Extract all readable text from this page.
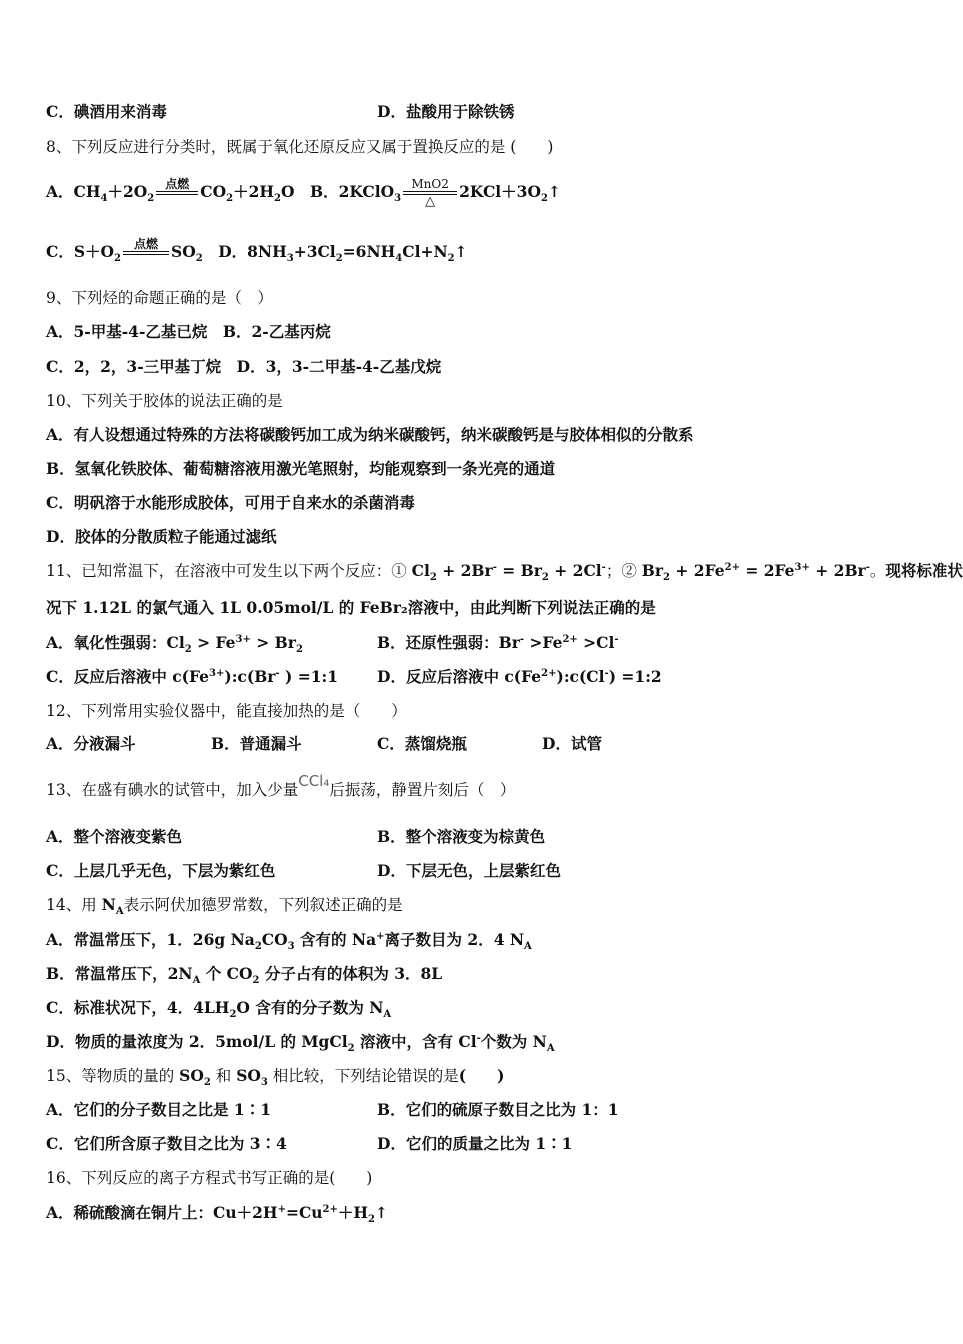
C．碘酒用来消毒	D．盐酸用于除铁锈
8、下列反应进行分类时，既属于氧化还原反应又属于置换反应的是 (　　)
A．$CH_4+2O_2$
点燃
$CO_2+2H_2O$　B．2KClO$_3$
MnO2
△
$2KCl+3O_2↑$
C．$S+O_2$
点燃
$SO_2$　D．$8NH_3+3Cl_2=6NH_4Cl+N_2↑$
9、下列烃的命题正确的是（　）
A．5-甲基-4-乙基已烷　B．2-乙基丙烷
C．2，2，3-三甲基丁烷　D．3，3-二甲基-4-乙基戊烷
10、下列关于胶体的说法正确的是
A．有人设想通过特殊的方法将碳酸钙加工成为纳米碳酸钙，纳米碳酸钙是与胶体相似的分散系
B．氢氧化铁胶体、葡萄糖溶液用激光笔照射，均能观察到一条光亮的通道
C．明矾溶于水能形成胶体，可用于自来水的杀菌消毒
D．胶体的分散质粒子能通过滤纸
11、已知常温下，在溶液中可发生以下两个反应：① $Cl_2 + 2Br^- = Br_2 + 2Cl^-$；② $Br_2 + 2Fe^{2+} = 2Fe^{3+} + 2Br^-$。现将标准状
况下 1.12L 的氯气通入 1L 0.05mol/L 的 FeBr₂溶液中，由此判断下列说法正确的是
A．氧化性强弱：$Cl_2 > Fe^{3+} > Br_2$	B．还原性强弱：$Br^- >Fe^{2+} >Cl^-$
C．反应后溶液中 $c(Fe^{3+}):c(Br^-$ ) =1:1	D．反应后溶液中 $c(Fe^{2+}):c(Cl^-)$ =1:2
12、下列常用实验仪器中，能直接加热的是（　　）
A．分液漏斗	B．普通漏斗	C．蒸馏烧瓶	D．试管
13、在盛有碘水的试管中，加入少量CCl₄后振荡，静置片刻后（　）
A．整个溶液变紫色	B．整个溶液变为棕黄色
C．上层几乎无色，下层为紫红色	D．下层无色，上层紫红色
14、用 $N_A$表示阿伏加德罗常数，下列叙述正确的是
A．常温常压下，1．26g $Na_2CO_3$ 含有的 Na+离子数目为 2．4 $N_A$
B．常温常压下，$2N_A$ 个 $CO_2$ 分子占有的体积为 3．8L
C．标准状况下，4．$4LH_2O$ 含有的分子数为 $N_A$
D．物质的量浓度为 2．5mol/L 的 MgCl$_2$ 溶液中，含有 Cl-个数为 $N_A$
15、等物质的量的 $SO_2$ 和 $SO_3$ 相比较，下列结论错误的是(　　)
A．它们的分子数目之比是 1∶1	B．它们的硫原子数目之比为 1：1
C．它们所含原子数目之比为 3∶4	D．它们的质量之比为 1∶1
16、下列反应的离子方程式书写正确的是(　　)
A．稀硫酸滴在铜片上：$Cu+2H^+=Cu^{2+}+H_2↑$
